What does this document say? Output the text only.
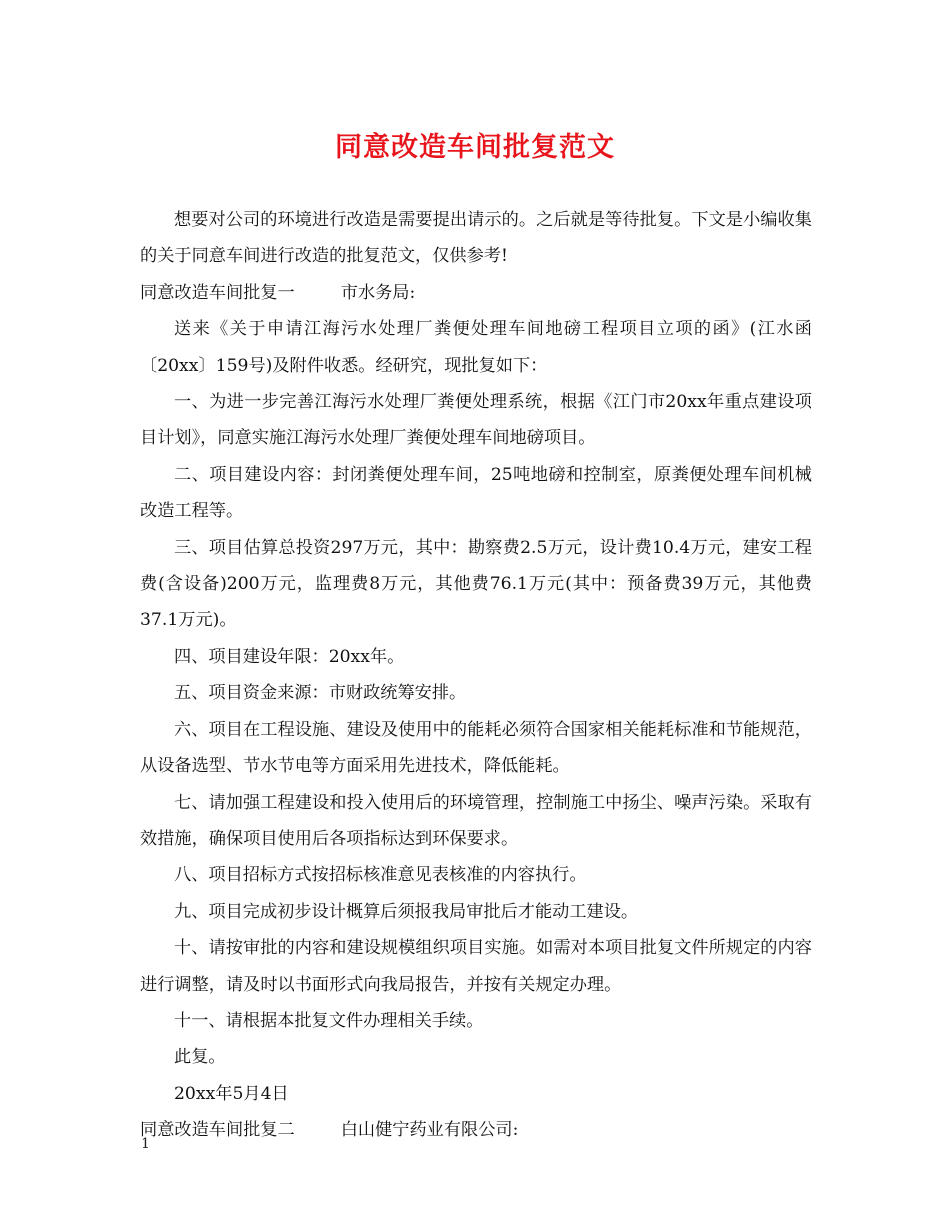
同意改造车间批复范文

想要对公司的环境进行改造是需要提出请示的。之后就是等待批复。下文是小编收集的关于同意车间进行改造的批复范文，仅供参考!

同意改造车间批复一	市水务局:

送来《关于申请江海污水处理厂粪便处理车间地磅工程项目立项的函》(江水函〔20xx〕159号)及附件收悉。经研究，现批复如下：

一、为进一步完善江海污水处理厂粪便处理系统，根据《江门市20xx年重点建设项目计划》，同意实施江海污水处理厂粪便处理车间地磅项目。

二、项目建设内容：封闭粪便处理车间，25吨地磅和控制室，原粪便处理车间机械改造工程等。

三、项目估算总投资297万元，其中：勘察费2.5万元，设计费10.4万元，建安工程费(含设备)200万元，监理费8万元，其他费76.1万元(其中：预备费39万元，其他费37.1万元)。

四、项目建设年限：20xx年。

五、项目资金来源：市财政统筹安排。

六、项目在工程设施、建设及使用中的能耗必须符合国家相关能耗标准和节能规范，从设备选型、节水节电等方面采用先进技术，降低能耗。

七、请加强工程建设和投入使用后的环境管理，控制施工中扬尘、噪声污染。采取有效措施，确保项目使用后各项指标达到环保要求。

八、项目招标方式按招标核准意见表核准的内容执行。

九、项目完成初步设计概算后须报我局审批后才能动工建设。

十、请按审批的内容和建设规模组织项目实施。如需对本项目批复文件所规定的内容进行调整，请及时以书面形式向我局报告，并按有关规定办理。

十一、请根据本批复文件办理相关手续。

此复。

20xx年5月4日

同意改造车间批复二	白山健宁药业有限公司:

1
